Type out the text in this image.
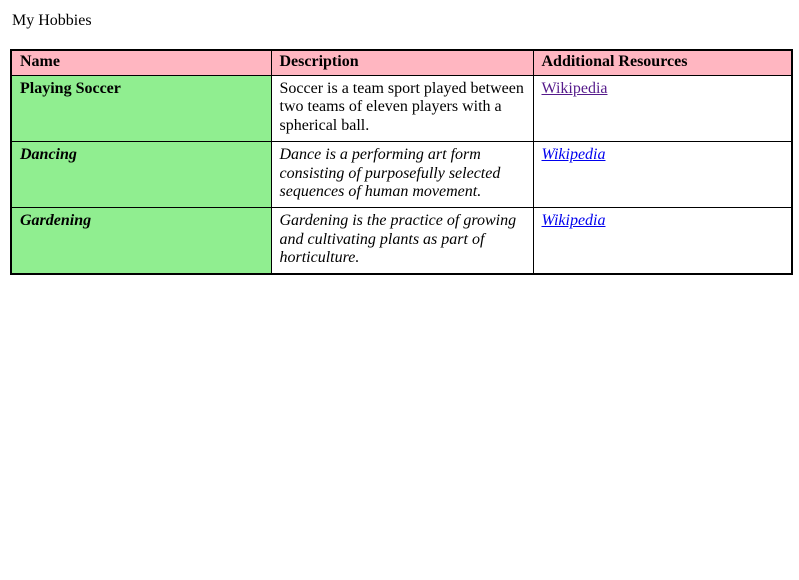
My Hobbies
Name	Description	Additional Resources
Playing Soccer	Soccer is a team sport played between two teams of eleven players with a spherical ball.	Wikipedia
Dancing	Dance is a performing art form consisting of purposefully selected sequences of human movement.	Wikipedia
Gardening	Gardening is the practice of growing and cultivating plants as part of horticulture.	Wikipedia
